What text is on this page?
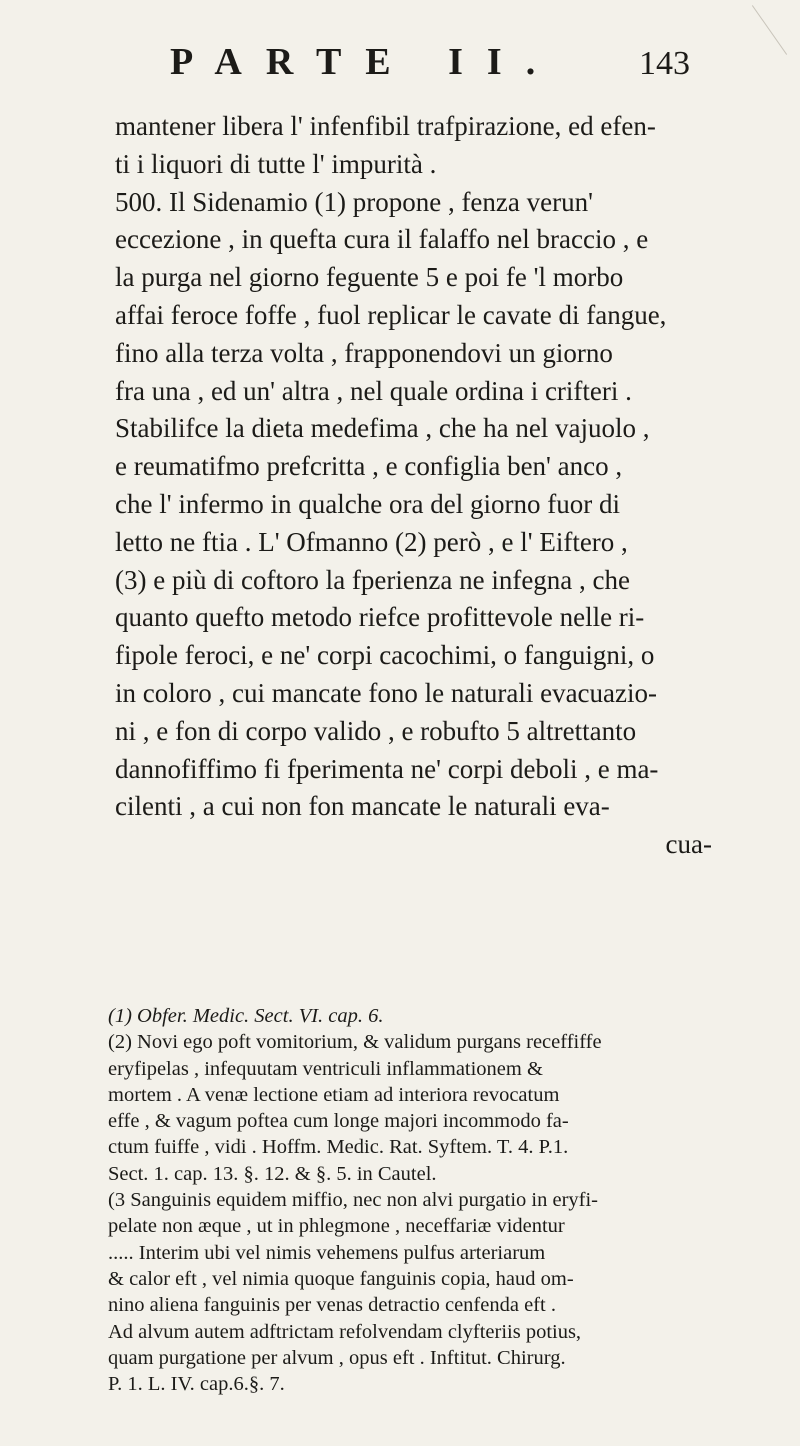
PARTE II. 143
mantener libera l' infenfibil trafpirazione, ed efen-
ti i liquori di tutte l' impurità .
500. Il Sidenamio (1) propone , fenza verun'
eccezione , in quefta cura il falaffo nel braccio , e
la purga nel giorno feguente 5 e poi fe 'l morbo
affai feroce foffe , fuol replicar le cavate di fangue,
fino alla terza volta , frapponendovi un giorno
fra una , ed un' altra , nel quale ordina i crifteri .
Stabilifce la dieta medefima , che ha nel vajuolo ,
e reumatifmo prefcritta , e configlia ben' anco ,
che l' infermo in qualche ora del giorno fuor di
letto ne ftia . L' Ofmanno (2) però , e l' Eiftero ,
(3) e più di coftoro la fperienza ne infegna , che
quanto quefto metodo riefce profittevole nelle ri-
fipole feroci, e ne' corpi cacochimi, o fanguigni, o
in coloro , cui mancate fono le naturali evacuazio-
ni , e fon di corpo valido , e robufto 5 altrettanto
dannofiffimo fi fperimenta ne' corpi deboli , e ma-
cilenti , a cui non fon mancate le naturali eva-
cua-
(1) Obfer. Medic. Sect. VI. cap. 6.
(2) Novi ego poft vomitorium, & validum purgans receffiffe
eryfipelas , infequutam ventriculi inflammationem &
mortem . A venæ lectione etiam ad interiora revocatum
effe , & vagum poftea cum longe majori incommodo fa-
ctum fuiffe , vidi . Hoffm. Medic. Rat. Syftem. T. 4. P.1.
Sect. 1. cap. 13. §. 12. & §. 5. in Cautel.
(3 Sanguinis equidem miffio, nec non alvi purgatio in eryfi-
pelate non æque , ut in phlegmone , neceffariæ videntur
..... Interim ubi vel nimis vehemens pulfus arteriarum
& calor eft , vel nimia quoque fanguinis copia, haud om-
nino aliena fanguinis per venas detractio cenfenda eft .
Ad alvum autem adftrictam refolvendam clyfteriis potius,
quam purgatione per alvum , opus eft . Inftitut. Chirurg.
P. 1. L. IV. cap.6.§. 7.
